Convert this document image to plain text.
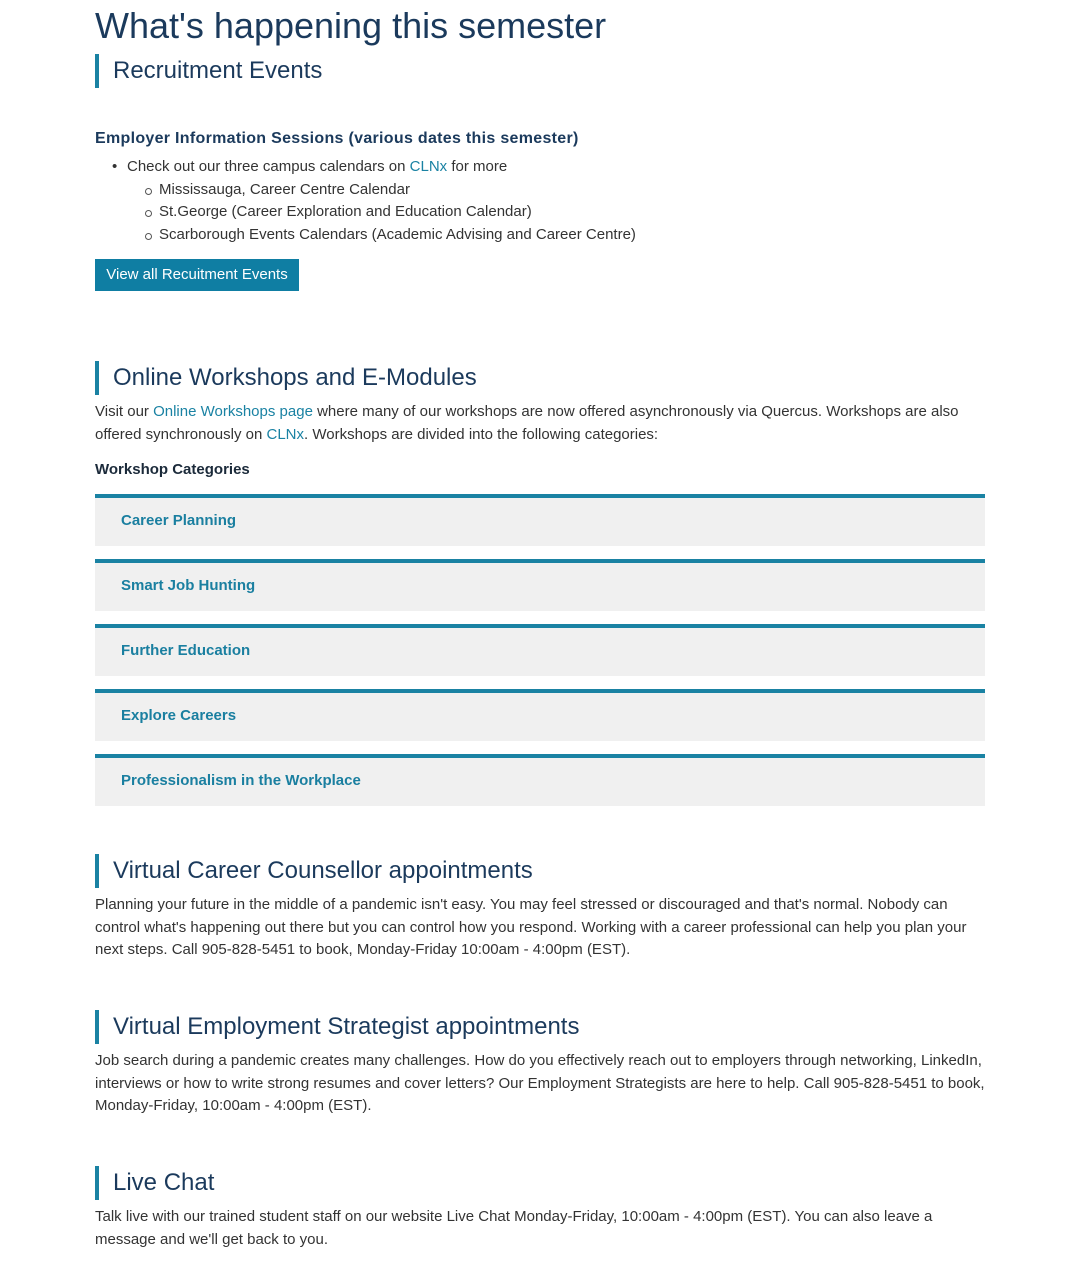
What's happening this semester
Recruitment Events
Employer Information Sessions (various dates this semester)
• Check out our three campus calendars on CLNx for more
Mississauga, Career Centre Calendar
St.George (Career Exploration and Education Calendar)
Scarborough Events Calendars (Academic Advising and Career Centre)
View all Recuitment Events
Online Workshops and E-Modules

Visit our Online Workshops page where many of our workshops are now offered asynchronously via Quercus. Workshops are also offered synchronously on CLNx. Workshops are divided into the following categories:

Workshop Categories
Career Planning
Smart Job Hunting
Further Education
Explore Careers
Professionalism in the Workplace
Virtual Career Counsellor appointments

Planning your future in the middle of a pandemic isn't easy. You may feel stressed or discouraged and that's normal. Nobody can control what's happening out there but you can control how you respond. Working with a career professional can help you plan your next steps. Call 905-828-5451 to book, Monday-Friday 10:00am - 4:00pm (EST).

Virtual Employment Strategist appointments

Job search during a pandemic creates many challenges. How do you effectively reach out to employers through networking, LinkedIn, interviews or how to write strong resumes and cover letters? Our Employment Strategists are here to help. Call 905-828-5451 to book, Monday-Friday, 10:00am - 4:00pm (EST).

Live Chat

Talk live with our trained student staff on our website Live Chat Monday-Friday, 10:00am - 4:00pm (EST). You can also leave a message and we'll get back to you.
